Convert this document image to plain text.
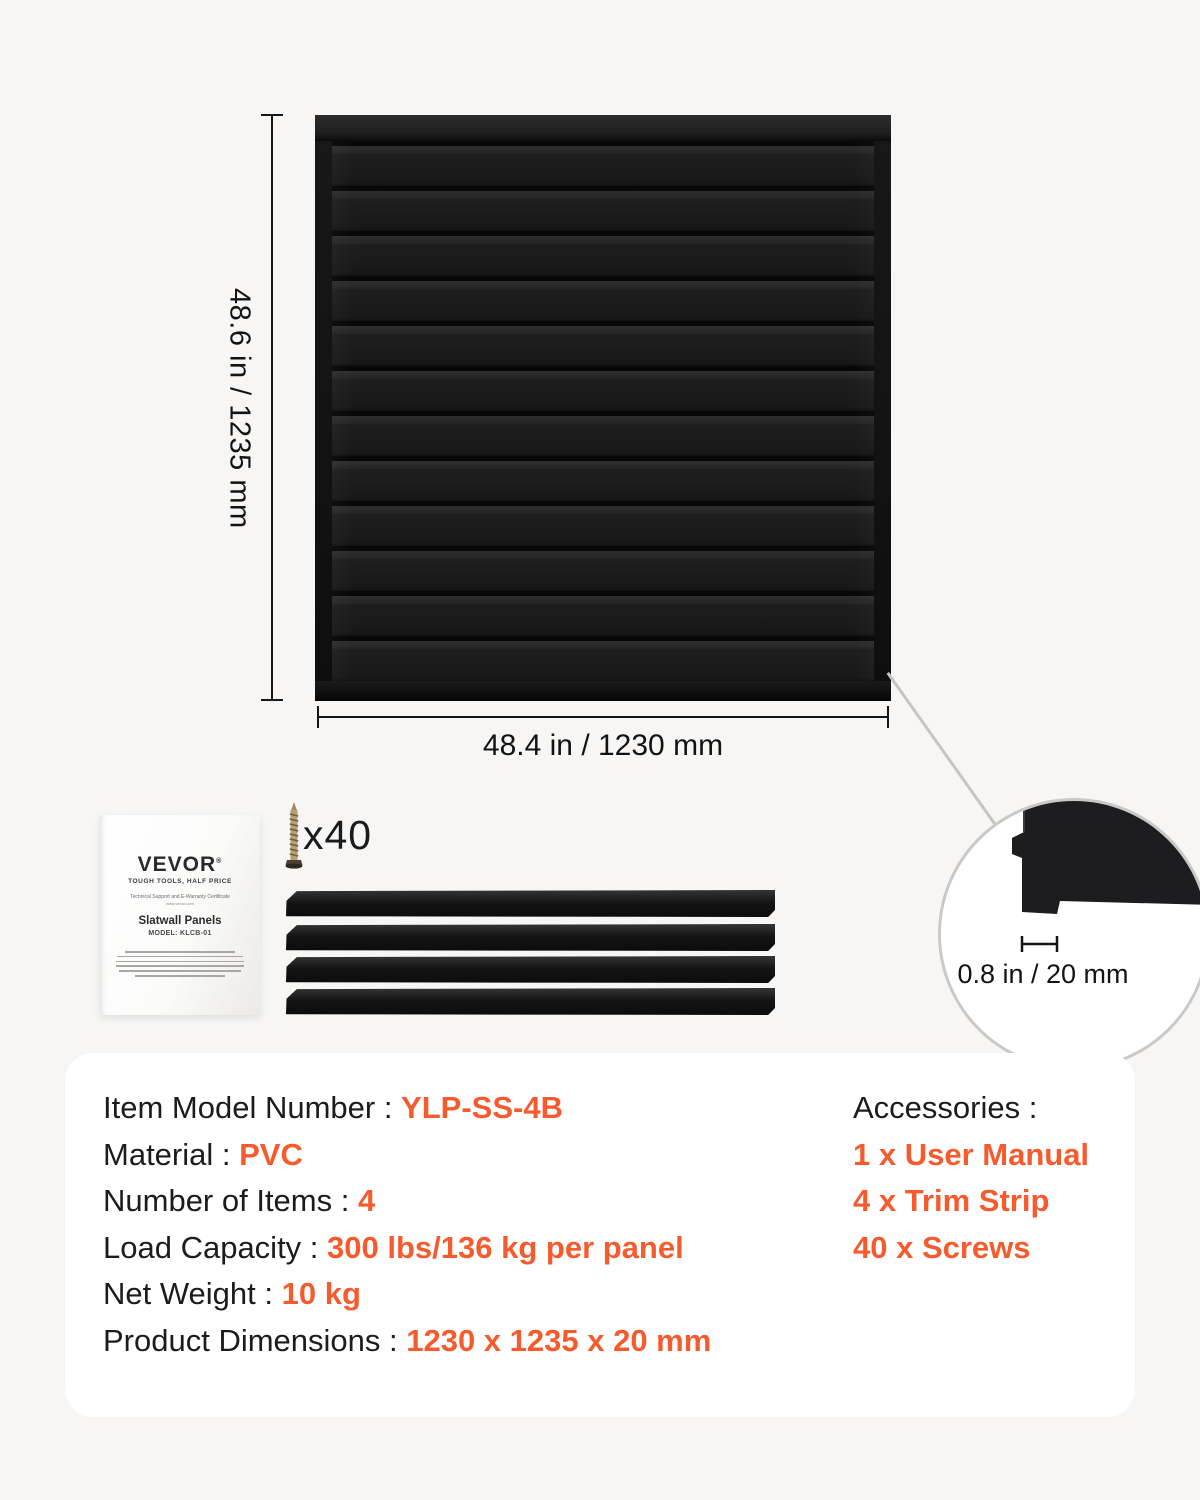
48.6 in / 1235 mm
48.4 in / 1230 mm
0.8 in / 20 mm
VEVOR®
TOUGH TOOLS, HALF PRICE
Technical Support and E-Warranty Certificate
www.vevor.com
Slatwall Panels
MODEL: KLCB-01
x40
Item Model Number : YLP-SS-4B
Material : PVC
Number of Items : 4
Load Capacity : 300 lbs/136 kg per panel
Net Weight : 10 kg
Product Dimensions : 1230 x 1235 x 20 mm
Accessories :
1 x User Manual
4 x Trim Strip
40 x Screws
